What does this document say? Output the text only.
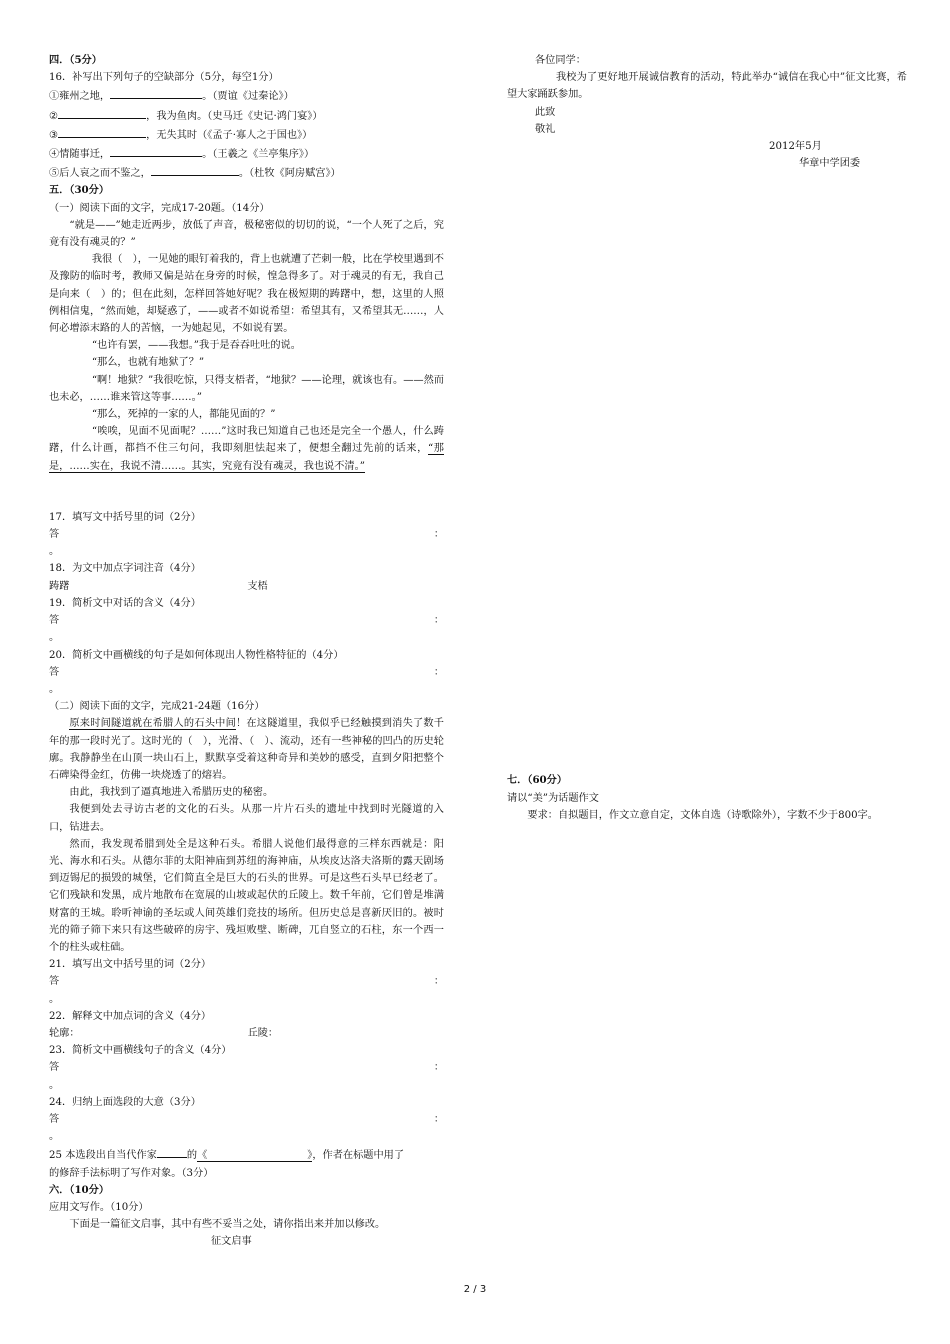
四．（5分）
16．补写出下列句子的空缺部分（5分，每空1分）
①雍州之地，	。（贾谊《过秦论》）
②	，我为鱼肉。（史马迁《史记·鸿门宴》）
③	，无失其时（《孟子·寡人之于国也》）
④情随事迁，	。（王羲之《兰亭集序》）
⑤后人哀之而不鉴之，	。（杜牧《阿房赋宫》）
五．（30分）
（一）阅读下面的文字，完成17-20题。（14分）
“就是——”她走近两步，放低了声音，极秘密似的切切的说，“一个人死了之后，究竟有没有魂灵的？”
我很（　），一见她的眼钉着我的，背上也就遭了芒刺一般，比在学校里遇到不及豫防的临时考，教师又偏是站在身旁的时候，惶急得多了。对于魂灵的有无，我自己是向来（　）的；但在此刻，怎样回答她好呢？我在极短期的踌躇中，想，这里的人照例相信鬼，“然而她，却疑惑了，——或者不如说希望：希望其有，又希望其无……，人何必增添末路的人的苦恼，一为她起见，不如说有罢。
“也许有罢，——我想。”我于是吞吞吐吐的说。
“那么，也就有地狱了？”
“啊！地狱？”我很吃惊，只得支梧者，“地狱？——论理，就该也有。——然而也未必，……谁来管这等事……。”
“那么，死掉的一家的人，都能见面的？”
“唉唉，见面不见面呢？……”这时我已知道自己也还是完全一个愚人，什么踌躇，什么计画，都挡不住三句问，我即刻胆怯起来了，便想全翻过先前的话来，“那是，……实在，我说不清……。其实，究竟有没有魂灵，我也说不清。”
17．填写文中括号里的词（2分）
答	：
。
18．为文中加点字词注音（4分）
踌躇	支梧
19．简析文中对话的含义（4分）
答	：
。
20．简析文中画横线的句子是如何体现出人物性格特征的（4分）
答	：
。
（二）阅读下面的文字，完成21-24题（16分）
原来时间隧道就在希腊人的石头中间！在这隧道里，我似乎已经触摸到消失了数千年的那一段时光了。这时光的（　），光滑、（　）、流动，还有一些神秘的凹凸的历史轮廓。我静静坐在山顶一块山石上，默默享受着这种奇异和美妙的感受，直到夕阳把整个石碑染得金红，仿佛一块烧透了的熔岩。
由此，我找到了逼真地进入希腊历史的秘密。
我便到处去寻访古老的文化的石头。从那一片片石头的遗址中找到时光隧道的入口，钻进去。
然而，我发现希腊到处全是这种石头。希腊人说他们最得意的三样东西就是：阳光、海水和石头。从德尔菲的太阳神庙到苏纽的海神庙，从埃皮达洛夫洛斯的露天剧场到迈锡尼的损毁的城堡，它们简直全是巨大的石头的世界。可是这些石头早已经老了。它们残缺和发黑，成片地散布在宽展的山坡或起伏的丘陵上。数千年前，它们曾是堆满财富的王城。聆听神谕的圣坛或人间英雄们竞技的场所。但历史总是喜新厌旧的。被时光的筛子筛下来只有这些破碎的房宇、残垣败壁、断碑，兀自竖立的石柱，东一个西一个的柱头或柱础。
21．填写出文中括号里的词（2分）
答	：
。
22．解释文中加点词的含义（4分）
轮廓：	丘陵：
23．简析文中画横线句子的含义（4分）
答	：
。
24．归纳上面选段的大意（3分）
答	：
。
25 本选段出自当代作家	的《	》，作者在标题中用了
的修辞手法标明了写作对象。（3分）
六．（10分）
应用文写作。（10分）
下面是一篇征文启事，其中有些不妥当之处，请你指出来并加以修改。
征文启事
各位同学：
我校为了更好地开展诚信教育的活动，特此举办“诚信在我心中”征文比赛，希望大家踊跃参加。
此致
敬礼
2012年5月
华章中学团委
七．（60分）
请以“美”为话题作文
要求：自拟题目，作文立意自定，文体自选（诗歌除外），字数不少于800字。
2 / 3
